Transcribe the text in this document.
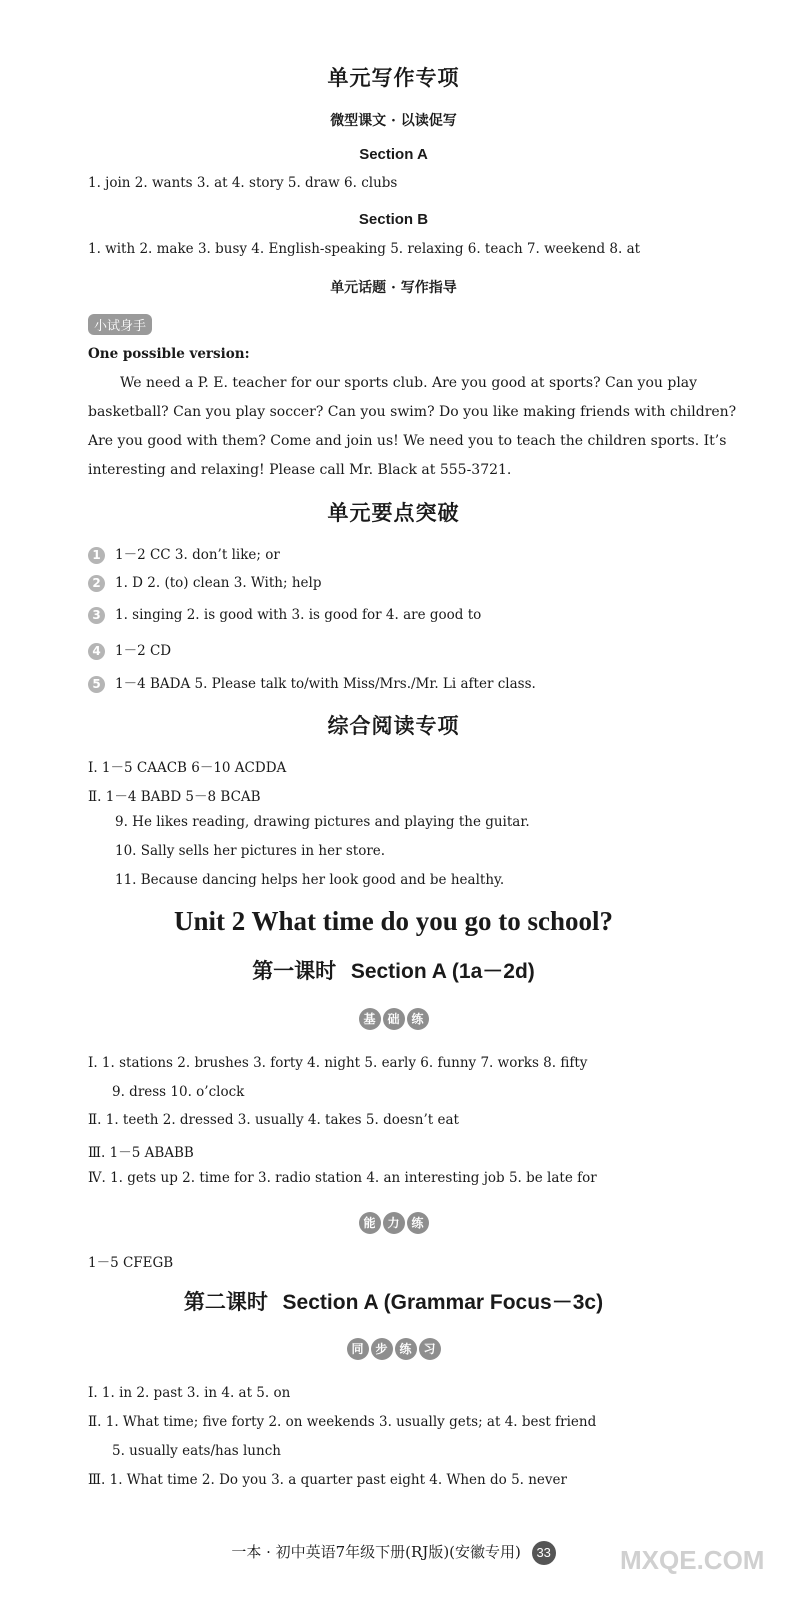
单元写作专项
微型课文 · 以读促写
Section A
1. join 2. wants 3. at 4. story 5. draw 6. clubs
Section B
1. with 2. make 3. busy 4. English-speaking 5. relaxing 6. teach 7. weekend 8. at
单元话题 · 写作指导
小试身手
One possible version:
We need a P. E. teacher for our sports club. Are you good at sports? Can you play basketball? Can you play soccer? Can you swim? Do you like making friends with children? Are you good with them? Come and join us! We need you to teach the children sports. It’s interesting and relaxing! Please call Mr. Black at 555-3721.
单元要点突破
1 1－2 CC 3. don’t like; or
2 1. D 2. (to) clean 3. With; help
3 1. singing 2. is good with 3. is good for 4. are good to
4 1－2 CD
5 1－4 BADA 5. Please talk to/with Miss/Mrs./Mr. Li after class.
综合阅读专项
Ⅰ. 1－5 CAACB 6－10 ACDDA
Ⅱ. 1－4 BABD 5－8 BCAB
9. He likes reading, drawing pictures and playing the guitar.
10. Sally sells her pictures in her store.
11. Because dancing helps her look good and be healthy.
Unit 2 What time do you go to school?
第一课时 Section A (1a－2d)
基 础 练
Ⅰ. 1. stations 2. brushes 3. forty 4. night 5. early 6. funny 7. works 8. fifty
9. dress 10. o’clock
Ⅱ. 1. teeth 2. dressed 3. usually 4. takes 5. doesn’t eat
Ⅲ. 1－5 ABABB
Ⅳ. 1. gets up 2. time for 3. radio station 4. an interesting job 5. be late for
能 力 练
1－5 CFEGB
第二课时 Section A (Grammar Focus－3c)
同 步 练 习
Ⅰ. 1. in 2. past 3. in 4. at 5. on
Ⅱ. 1. What time; five forty 2. on weekends 3. usually gets; at 4. best friend
5. usually eats/has lunch
Ⅲ. 1. What time 2. Do you 3. a quarter past eight 4. When do 5. never
一本 · 初中英语7年级下册(RJ版)(安徽专用) 33	MXQE.COM
